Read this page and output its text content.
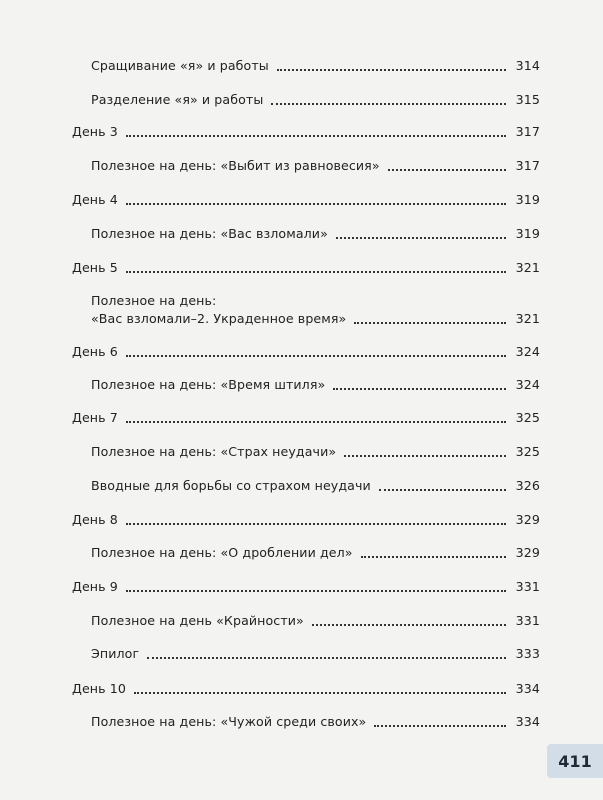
Сращивание «я» и работы	314
Разделение «я» и работы	315
День 3	317
Полезное на день: «Выбит из равновесия»	317
День 4	319
Полезное на день: «Вас взломали»	319
День 5	321
Полезное на день:
«Вас взломали–2. Украденное время»	321
День 6	324
Полезное на день: «Время штиля»	324
День 7	325
Полезное на день: «Страх неудачи»	325
Вводные для борьбы со страхом неудачи	326
День 8	329
Полезное на день: «О дроблении дел»	329
День 9	331
Полезное на день «Крайности»	331
Эпилог	333
День 10	334
Полезное на день: «Чужой среди своих»	334
411
